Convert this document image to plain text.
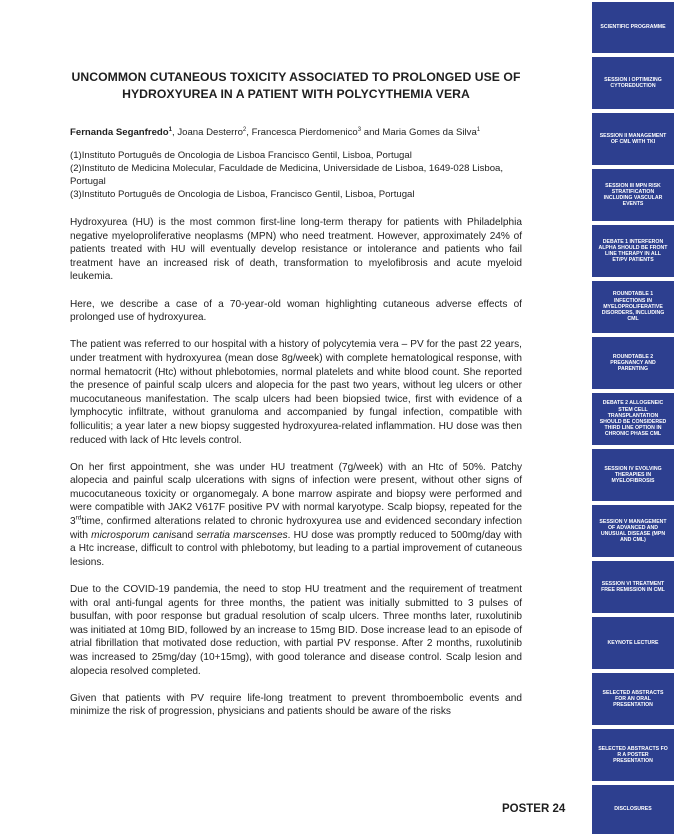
UNCOMMON CUTANEOUS TOXICITY ASSOCIATED TO PROLONGED USE OF
HYDROXYUREA IN A PATIENT WITH POLYCYTHEMIA VERA
Fernanda Seganfredo$^1$, Joana Desterro$^2$, Francesca Pierdomenico$^3$ and Maria Gomes da Silva$^1$
(1)Instituto Português de Oncologia de Lisboa Francisco Gentil, Lisboa, Portugal
(2)Instituto de Medicina Molecular, Faculdade de Medicina, Universidade de Lisboa, 1649-028 Lisboa, Portugal
(3)Instituto Português de Oncologia de Lisboa, Francisco Gentil, Lisboa, Portugal

Hydroxyurea (HU) is the most common first-line long-term therapy for patients with Philadelphia negative myeloproliferative neoplasms (MPN) who need treatment. However, approximately 24% of patients treated with HU will eventually develop resistance or intolerance and patients who fail treatment have an increased risk of death, transformation to myelofibrosis and acute myeloid leukemia.

Here, we describe a case of a 70-year-old woman highlighting cutaneous adverse effects of prolonged use of hydroxyurea.

The patient was referred to our hospital with a history of polycytemia vera – PV for the past 22 years, under treatment with hydroxyurea (mean dose 8g/week) with complete hematological response, with normal hematocrit (Htc) without phlebotomies, normal platelets and white blood count. She reported the presence of painful scalp ulcers and alopecia for the past two years, without leg ulcers or other mucocutaneous manifestation. The scalp ulcers had been biopsied twice, first with evidence of a lymphocytic infiltrate, without granuloma and accompanied by fungal infection, compatible with folliculitis; a year later a new biopsy suggested hydroxyurea-related inflammation. HU dose was then reduced with lack of Htc levels control.

On her first appointment, she was under HU treatment (7g/week) with an Htc of 50%. Patchy alopecia and painful scalp ulcerations with signs of infection were present, without other signs of mucocutaneous toxicity or organomegaly. A bone marrow aspirate and biopsy were performed and were compatible with JAK2 V617F positive PV with normal karyotype. Scalp biopsy, repeated for the 3rdtime, confirmed alterations related to chronic hydroxyurea use and evidenced secondary infection with microsporum canisand serratia marscenses. HU dose was promptly reduced to 500mg/day with a Htc increase, difficult to control with phlebotomy, but leading to a partial improvement of cutaneous lesions.

Due to the COVID-19 pandemia, the need to stop HU treatment and the requirement of treatment with oral anti-fungal agents for three months, the patient was initially submitted to 3 pulses of busulfan, with poor response but gradual resolution of scalp ulcers. Three months later, ruxolutinib was initiated at 10mg BID, followed by an increase to 15mg BID. Dose increase lead to an episode of atrial fibrillation that motivated dose reduction, with partial PV response. After 2 months, ruxolutinib was increased to 25mg/day (10+15mg), with good tolerance and disease control. Scalp lesion and alopecia resolved completed.

Given that patients with PV require life-long treatment to prevent thromboembolic events and minimize the risk of progression, physicians and patients should be aware of the risks

POSTER 24
SCIENTIFIC PROGRAMME
SESSION I OPTIMIZING CYTOREDUCTION
SESSION II MANAGEMENT OF CML WITH TKI
SESSION III MPN RISK STRATIFICATION INCLUDING VASCULAR EVENTS
DEBATE 1 INTERFERON ALPHA SHOULD BE FRONT LINE THERAPY IN ALL ET/PV PATIENTS
ROUNDTABLE 1 INFECTIONS IN MYELOPROLIFERATIVE DISORDERS, INCLUDING CML
ROUNDTABLE 2 PREGNANCY AND PARENTING
DEBATE 2 ALLOGENEIC STEM CELL TRANSPLANTATION SHOULD BE CONSIDERED THIRD LINE OPTION IN CHRONIC PHASE CML
SESSION IV EVOLVING THERAPIES IN MYELOFIBROSIS
SESSION V MANAGEMENT OF ADVANCED AND UNUSUAL DISEASE (MPN AND CML)
SESSION VI TREATMENT FREE REMISSION IN CML
KEYNOTE LECTURE
SELECTED ABSTRACTS FOR AN ORAL PRESENTATION
SELECTED ABSTRACTS FO R A POSTER PRESENTATION
DISCLOSURES
